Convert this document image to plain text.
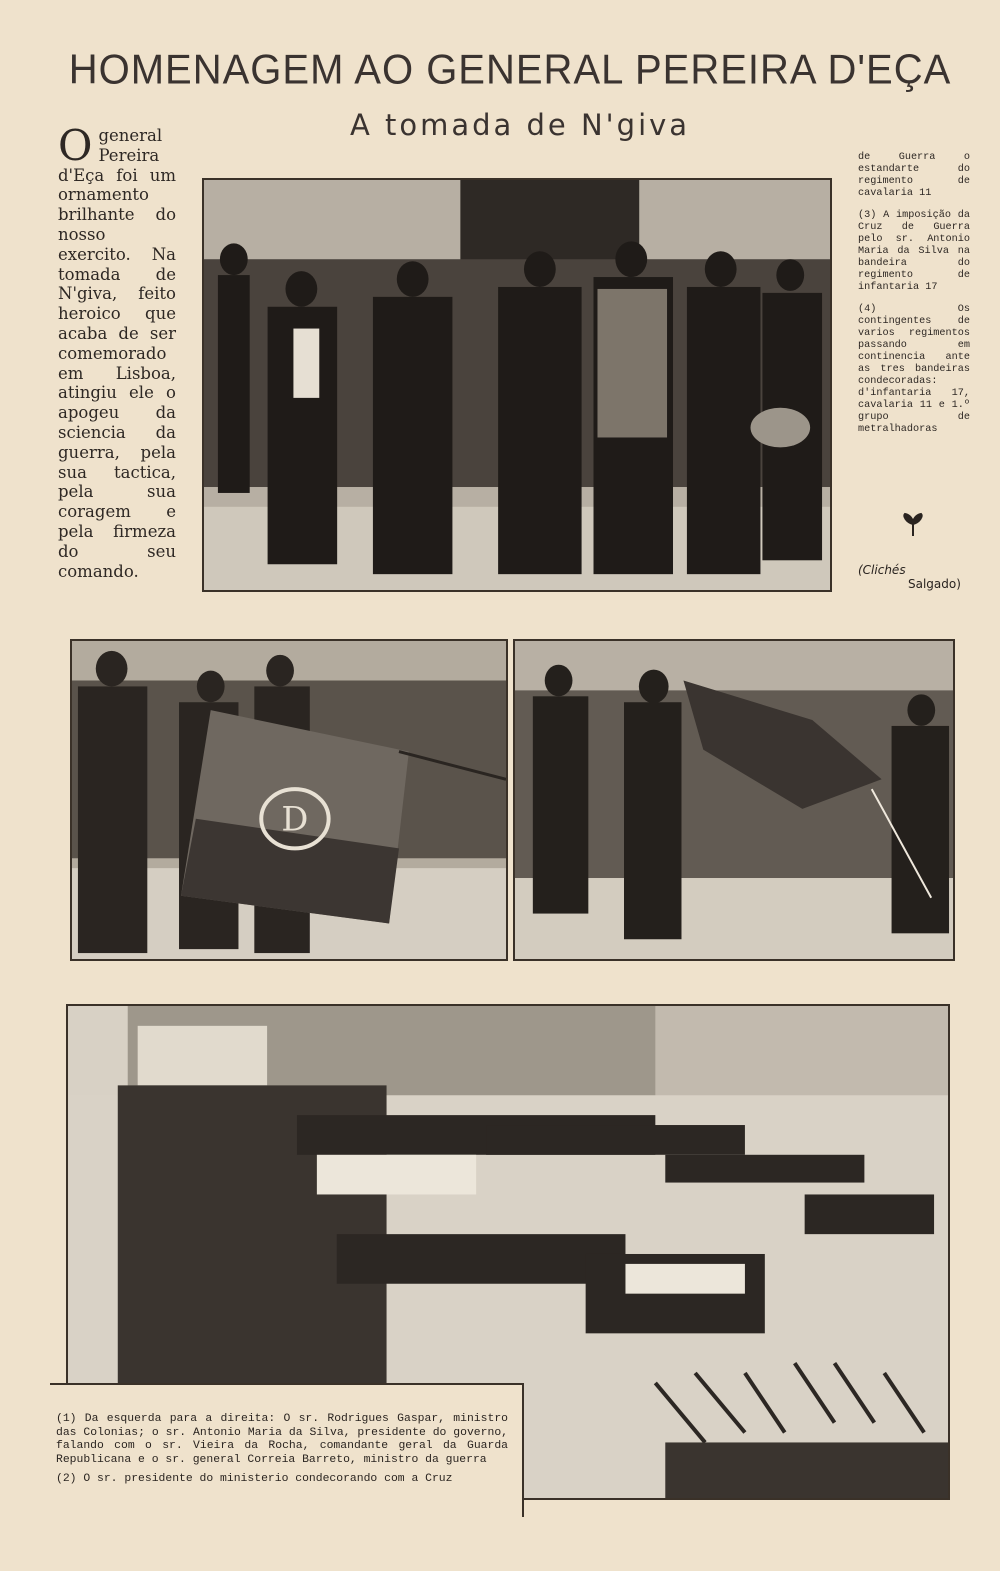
HOMENAGEM AO GENERAL PEREIRA D'EÇA
A tomada de N'giva
O general Pereira d'Eça foi um ornamento brilhante do nosso exercito. Na tomada de N'giva, feito heroico que acaba de ser comemorado em Lisboa, atingiu ele o apogeu da sciencia da guerra, pela sua tactica, pela sua coragem e pela firmeza do seu comando.

de Guerra o estandarte do regimento de cavalaria 11

(3) A imposição da Cruz de Guerra pelo sr. Antonio Maria da Silva na bandeira do regimento de infantaria 17

(4) Os contingentes de varios regimentos passando em continencia ante as tres bandeiras condecoradas: d'infantaria 17, cavalaria 11 e 1.º grupo de metralhadoras

(Clichés
Salgado)
D

(1) Da esquerda para a direita: O sr. Rodrigues Gaspar, ministro das Colonias; o sr. Antonio Maria da Silva, presidente do governo, falando com o sr. Vieira da Rocha, comandante geral da Guarda Republicana e o sr. general Correia Barreto, ministro da guerra

(2) O sr. presidente do ministerio condecorando com a Cruz
